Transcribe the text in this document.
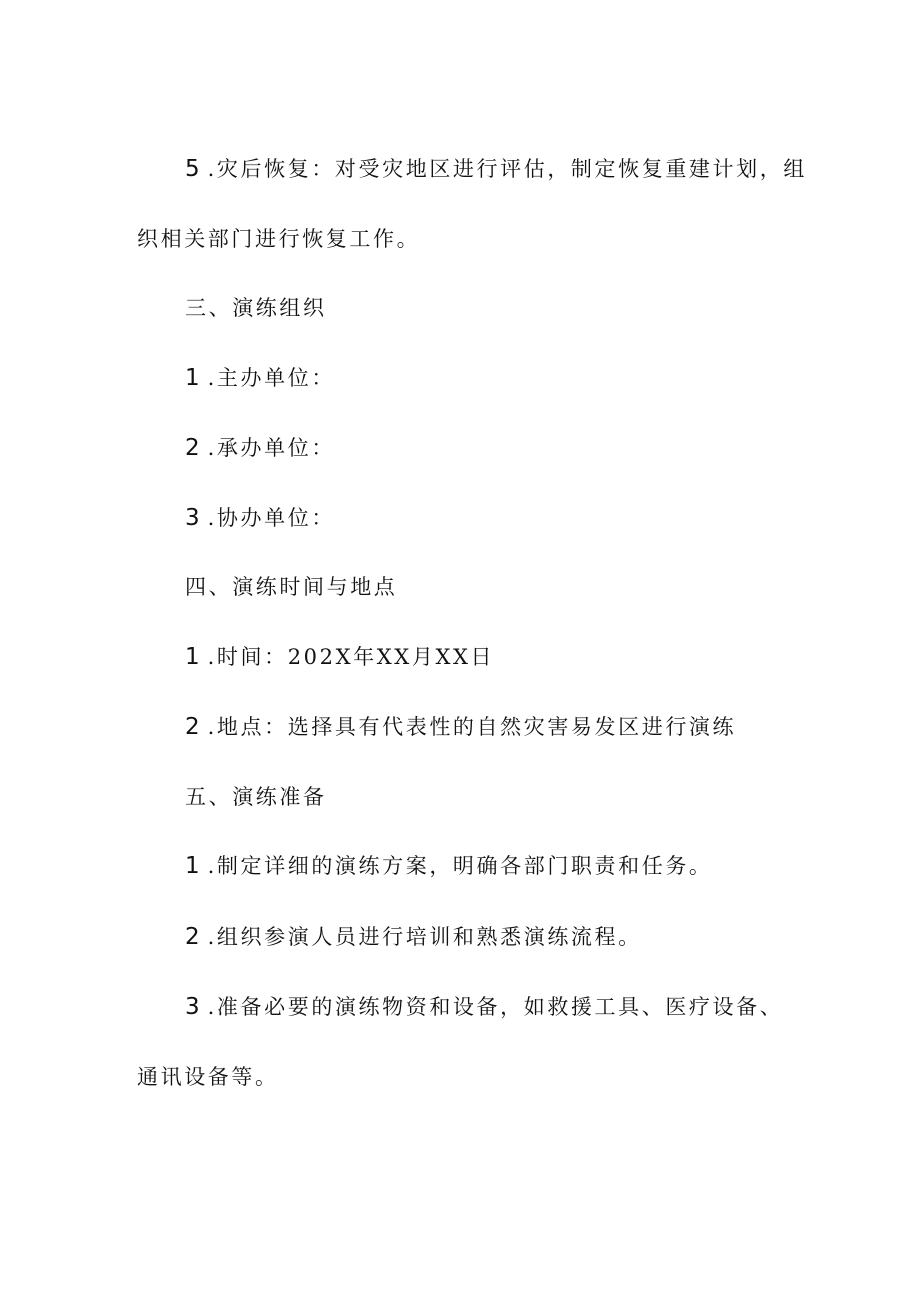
5 .灾后恢复：对受灾地区进行评估，制定恢复重建计划，组
织相关部门进行恢复工作。
三、演练组织
1 .主办单位：
2 .承办单位：
3 .协办单位：
四、演练时间与地点
1 .时间：202X年XX月XX日
2 .地点：选择具有代表性的自然灾害易发区进行演练
五、演练准备
1 .制定详细的演练方案，明确各部门职责和任务。
2 .组织参演人员进行培训和熟悉演练流程。
3 .准备必要的演练物资和设备，如救援工具、医疗设备、
通讯设备等。
